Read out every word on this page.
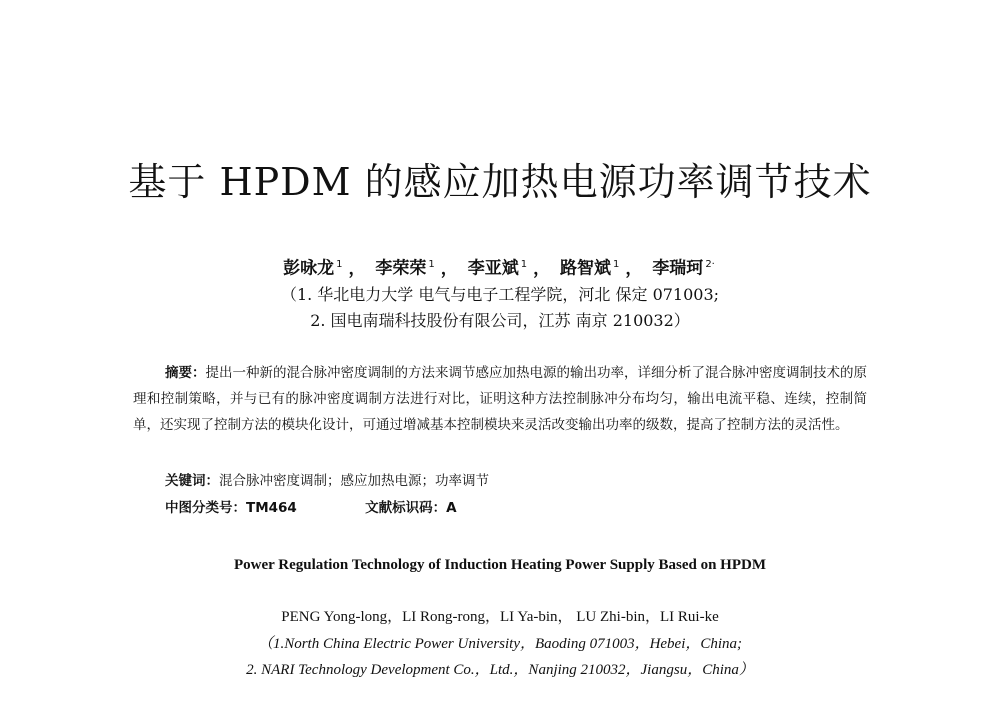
基于 HPDM 的感应加热电源功率调节技术
彭咏龙 $^1$ ， 李荣荣 $^1$ ， 李亚斌 $^1$ ， 路智斌 $^1$ ， 李瑞珂 $^{2\cdot}$
（1. 华北电力大学 电气与电子工程学院，河北 保定 071003;
2. 国电南瑞科技股份有限公司，江苏 南京 210032）

摘要：提出一种新的混合脉冲密度调制的方法来调节感应加热电源的输出功率，详细分析了混合脉冲密度调制技术的原理和控制策略，并与已有的脉冲密度调制方法进行对比，证明这种方法控制脉冲分布均匀，输出电流平稳、连续，控制简单，还实现了控制方法的模块化设计，可通过增减基本控制模块来灵活改变输出功率的级数，提高了控制方法的灵活性。

关键词：混合脉冲密度调制；感应加热电源；功率调节
中图分类号：TM464	文献标识码：A
Power Regulation Technology of Induction Heating Power Supply Based on HPDM
PENG Yong-long，LI Rong-rong，LI Ya-bin， LU Zhi-bin，LI Rui-ke
（1.North China Electric Power University，Baoding 071003，Hebei，China;
2. NARI Technology Development Co.，Ltd.，Nanjing 210032，Jiangsu，China）
